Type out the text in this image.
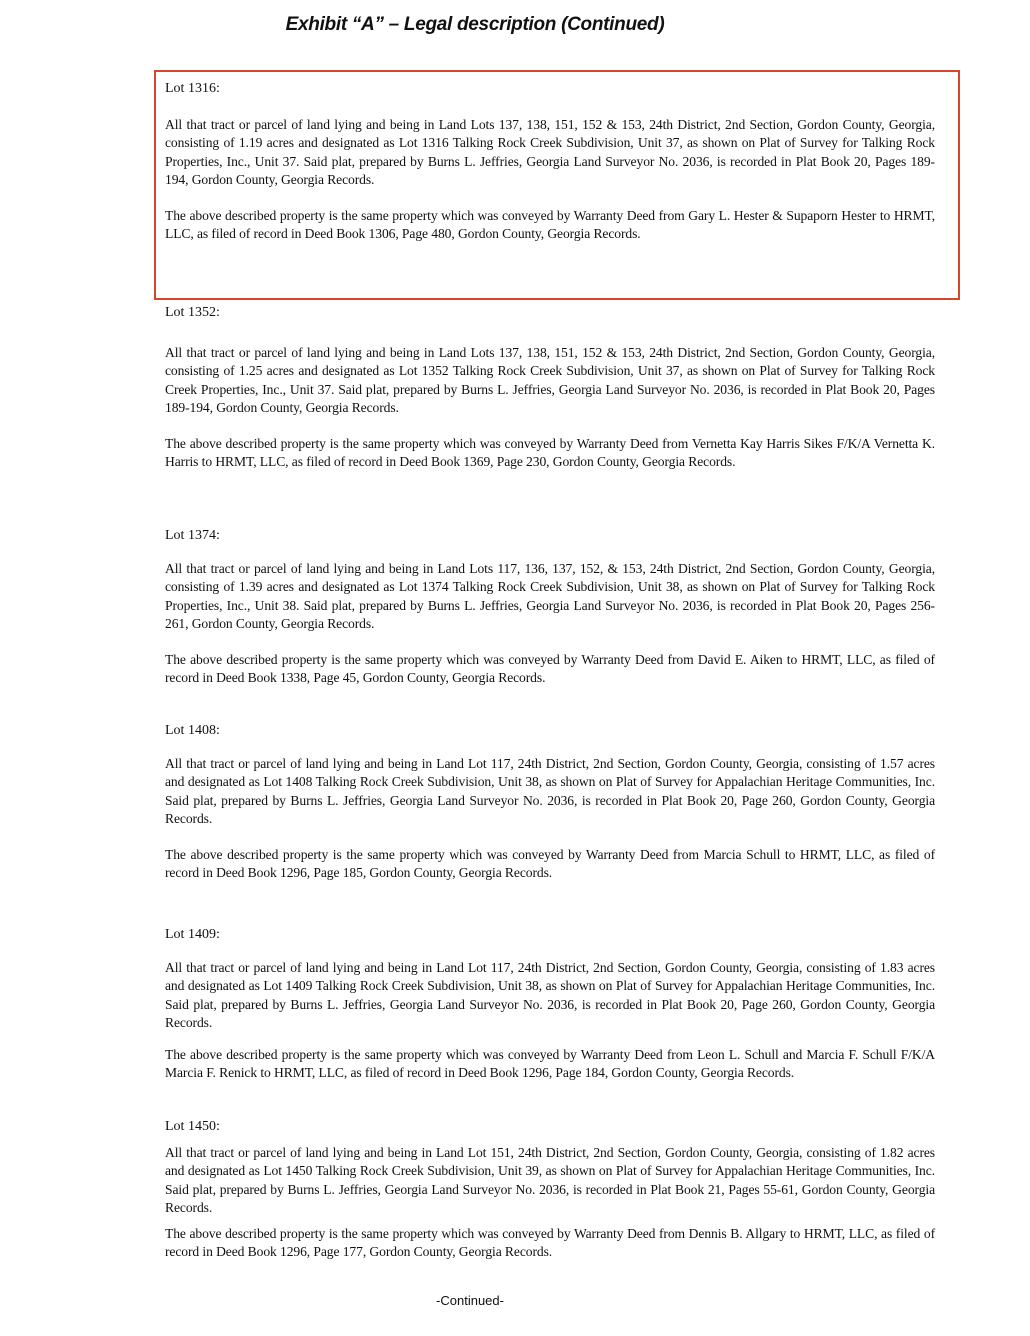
Exhibit “A” – Legal description (Continued)

Lot 1316:

All that tract or parcel of land lying and being in Land Lots 137, 138, 151, 152 & 153, 24th District, 2nd Section, Gordon County, Georgia, consisting of 1.19 acres and designated as Lot 1316 Talking Rock Creek Subdivision, Unit 37, as shown on Plat of Survey for Talking Rock Properties, Inc., Unit 37. Said plat, prepared by Burns L. Jeffries, Georgia Land Surveyor No. 2036, is recorded in Plat Book 20, Pages 189-194, Gordon County, Georgia Records.

The above described property is the same property which was conveyed by Warranty Deed from Gary L. Hester & Supaporn Hester to HRMT, LLC, as filed of record in Deed Book 1306, Page 480, Gordon County, Georgia Records.

Lot 1352:

All that tract or parcel of land lying and being in Land Lots 137, 138, 151, 152 & 153, 24th District, 2nd Section, Gordon County, Georgia, consisting of 1.25 acres and designated as Lot 1352 Talking Rock Creek Subdivision, Unit 37, as shown on Plat of Survey for Talking Rock Creek Properties, Inc., Unit 37. Said plat, prepared by Burns L. Jeffries, Georgia Land Surveyor No. 2036, is recorded in Plat Book 20, Pages 189-194, Gordon County, Georgia Records.

The above described property is the same property which was conveyed by Warranty Deed from Vernetta Kay Harris Sikes F/K/A Vernetta K. Harris to HRMT, LLC, as filed of record in Deed Book 1369, Page 230, Gordon County, Georgia Records.

Lot 1374:

All that tract or parcel of land lying and being in Land Lots 117, 136, 137, 152, & 153, 24th District, 2nd Section, Gordon County, Georgia, consisting of 1.39 acres and designated as Lot 1374 Talking Rock Creek Subdivision, Unit 38, as shown on Plat of Survey for Talking Rock Properties, Inc., Unit 38. Said plat, prepared by Burns L. Jeffries, Georgia Land Surveyor No. 2036, is recorded in Plat Book 20, Pages 256-261, Gordon County, Georgia Records.

The above described property is the same property which was conveyed by Warranty Deed from David E. Aiken to HRMT, LLC, as filed of record in Deed Book 1338, Page 45, Gordon County, Georgia Records.

Lot 1408:

All that tract or parcel of land lying and being in Land Lot 117, 24th District, 2nd Section, Gordon County, Georgia, consisting of 1.57 acres and designated as Lot 1408 Talking Rock Creek Subdivision, Unit 38, as shown on Plat of Survey for Appalachian Heritage Communities, Inc. Said plat, prepared by Burns L. Jeffries, Georgia Land Surveyor No. 2036, is recorded in Plat Book 20, Page 260, Gordon County, Georgia Records.

The above described property is the same property which was conveyed by Warranty Deed from Marcia Schull to HRMT, LLC, as filed of record in Deed Book 1296, Page 185, Gordon County, Georgia Records.

Lot 1409:

All that tract or parcel of land lying and being in Land Lot 117, 24th District, 2nd Section, Gordon County, Georgia, consisting of 1.83 acres and designated as Lot 1409 Talking Rock Creek Subdivision, Unit 38, as shown on Plat of Survey for Appalachian Heritage Communities, Inc. Said plat, prepared by Burns L. Jeffries, Georgia Land Surveyor No. 2036, is recorded in Plat Book 20, Page 260, Gordon County, Georgia Records.

The above described property is the same property which was conveyed by Warranty Deed from Leon L. Schull and Marcia F. Schull F/K/A Marcia F. Renick to HRMT, LLC, as filed of record in Deed Book 1296, Page 184, Gordon County, Georgia Records.

Lot 1450:

All that tract or parcel of land lying and being in Land Lot 151, 24th District, 2nd Section, Gordon County, Georgia, consisting of 1.82 acres and designated as Lot 1450 Talking Rock Creek Subdivision, Unit 39, as shown on Plat of Survey for Appalachian Heritage Communities, Inc. Said plat, prepared by Burns L. Jeffries, Georgia Land Surveyor No. 2036, is recorded in Plat Book 21, Pages 55-61, Gordon County, Georgia Records.

The above described property is the same property which was conveyed by Warranty Deed from Dennis B. Allgary to HRMT, LLC, as filed of record in Deed Book 1296, Page 177, Gordon County, Georgia Records.

-Continued-
